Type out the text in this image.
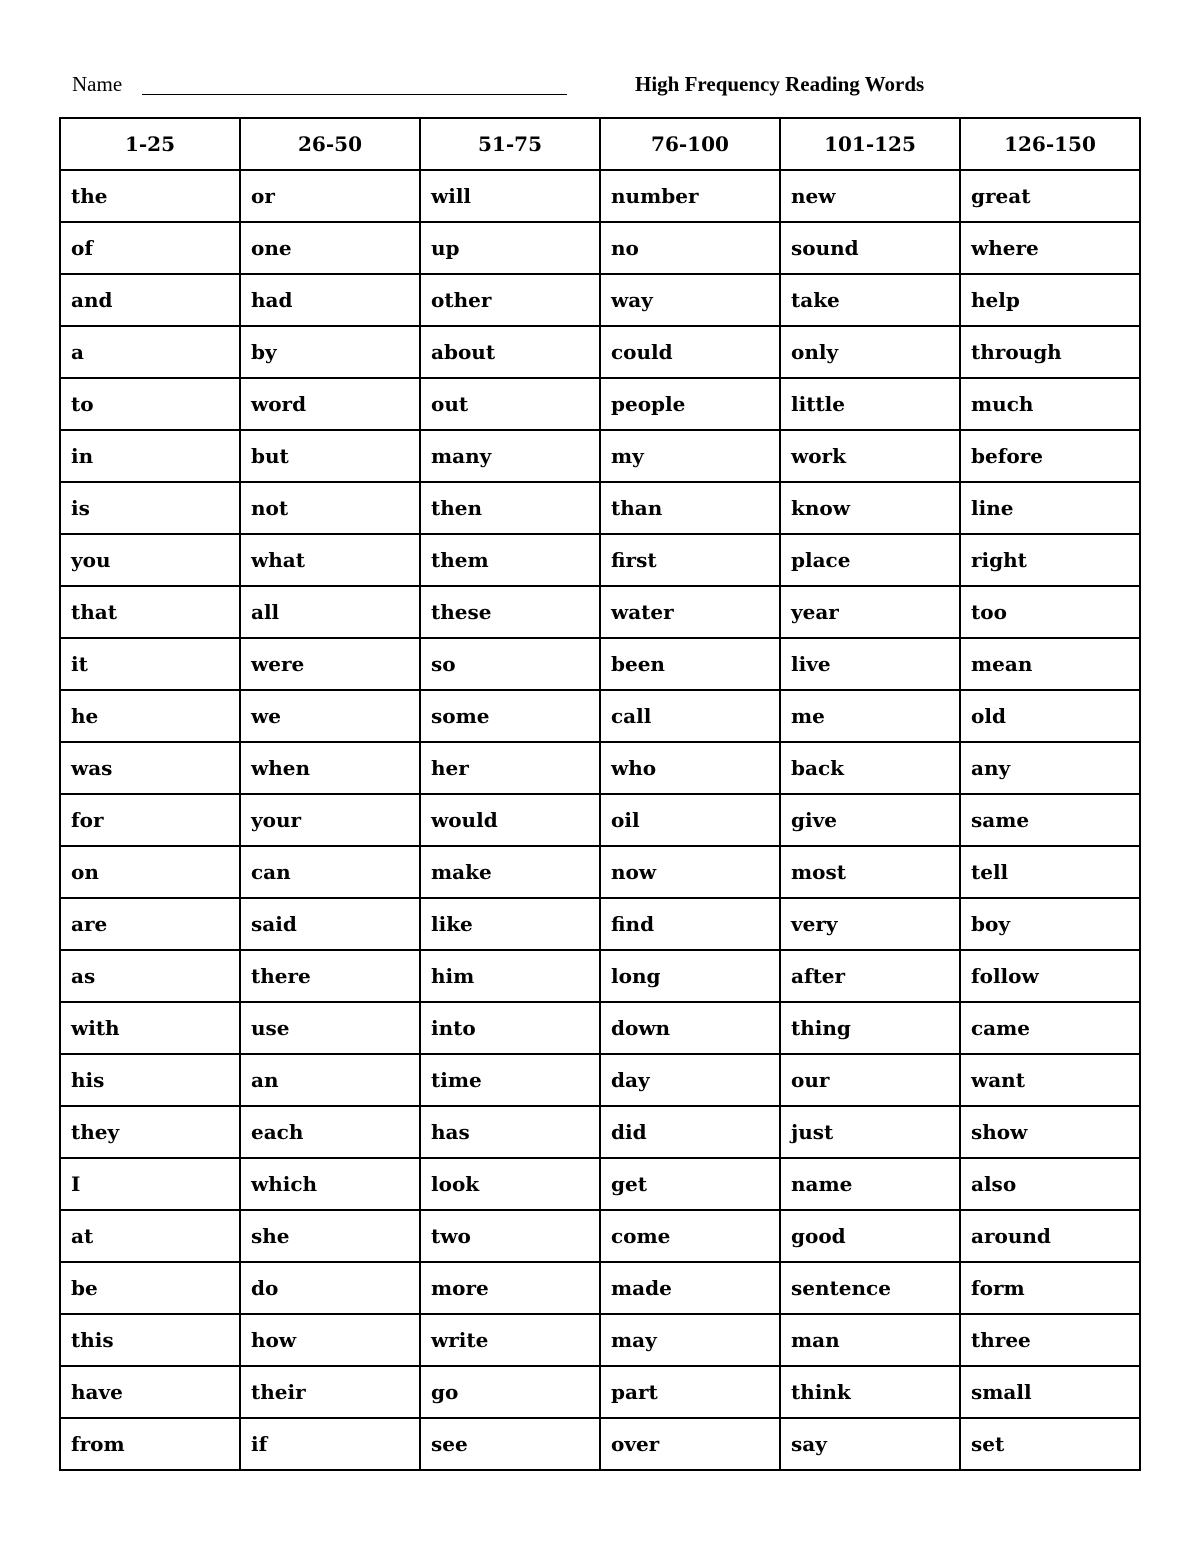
Name	High Frequency Reading Words
1-25	26-50	51-75	76-100	101-125	126-150
the	or	will	number	new	great
of	one	up	no	sound	where
and	had	other	way	take	help
a	by	about	could	only	through
to	word	out	people	little	much
in	but	many	my	work	before
is	not	then	than	know	line
you	what	them	first	place	right
that	all	these	water	year	too
it	were	so	been	live	mean
he	we	some	call	me	old
was	when	her	who	back	any
for	your	would	oil	give	same
on	can	make	now	most	tell
are	said	like	find	very	boy
as	there	him	long	after	follow
with	use	into	down	thing	came
his	an	time	day	our	want
they	each	has	did	just	show
I	which	look	get	name	also
at	she	two	come	good	around
be	do	more	made	sentence	form
this	how	write	may	man	three
have	their	go	part	think	small
from	if	see	over	say	set
